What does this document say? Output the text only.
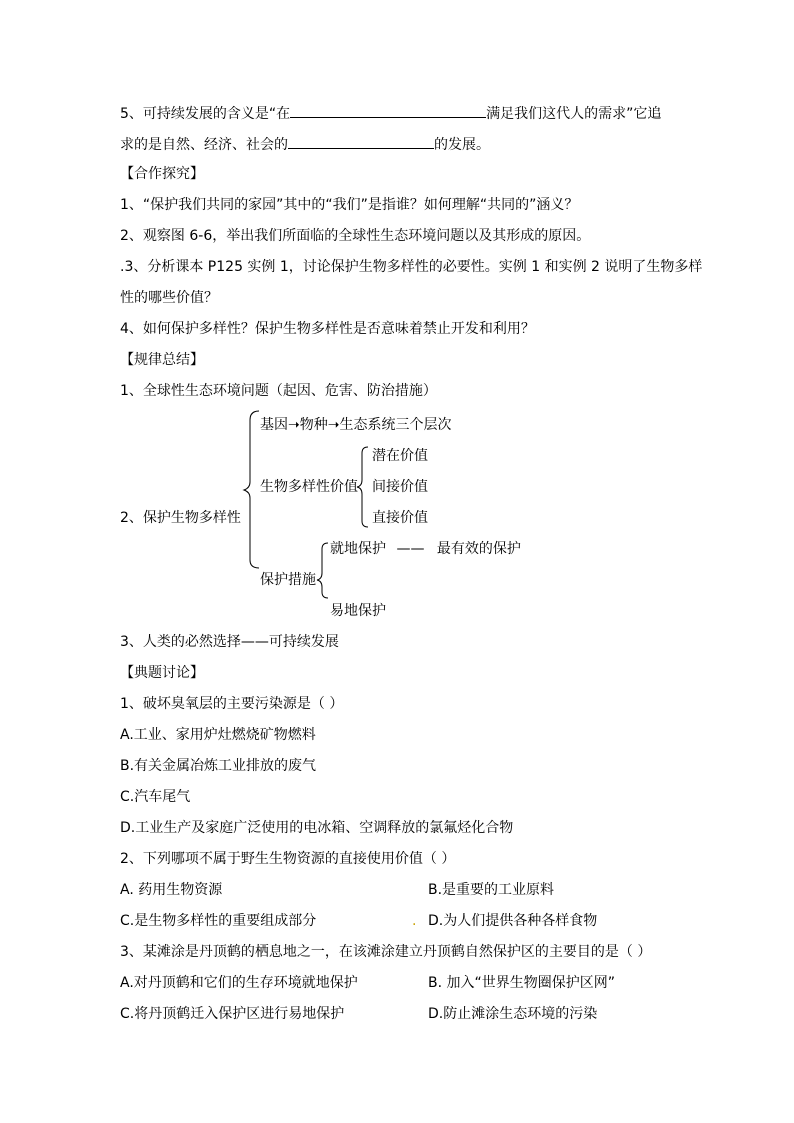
5、可持续发展的含义是“在	满足我们这代人的需求”它追
求的是自然、经济、社会的	的发展。
【合作探究】
1、“保护我们共同的家园”其中的“我们”是指谁？如何理解“共同的”涵义？
2、观察图 6-6，举出我们所面临的全球性生态环境问题以及其形成的原因。
.3、分析课本 P125 实例 1，讨论保护生物多样性的必要性。实例 1 和实例 2 说明了生物多样
性的哪些价值？
4、如何保护多样性？保护生物多样性是否意味着禁止开发和利用？
【规律总结】
1、全球性生态环境问题（起因、危害、防治措施）
2、保护生物多样性
基因➝物种➝生态系统三个层次
生物多样性价值
潜在价值
间接价值
直接价值
保护措施
就地保护 —— 最有效的保护
易地保护
3、人类的必然选择——可持续发展
【典题讨论】
1、破坏臭氧层的主要污染源是（ ）
A.工业、家用炉灶燃烧矿物燃料
B.有关金属冶炼工业排放的废气
C.汽车尾气
D.工业生产及家庭广泛使用的电冰箱、空调释放的氯氟烃化合物
2、下列哪项不属于野生生物资源的直接使用价值（ ）
A. 药用生物资源	B.是重要的工业原料
C.是生物多样性的重要组成部分	. D.为人们提供各种各样食物
3、某滩涂是丹顶鹤的栖息地之一，在该滩涂建立丹顶鹤自然保护区的主要目的是（ ）
A.对丹顶鹤和它们的生存环境就地保护	B. 加入“世界生物圈保护区网”
C.将丹顶鹤迁入保护区进行易地保护	D.防止滩涂生态环境的污染
